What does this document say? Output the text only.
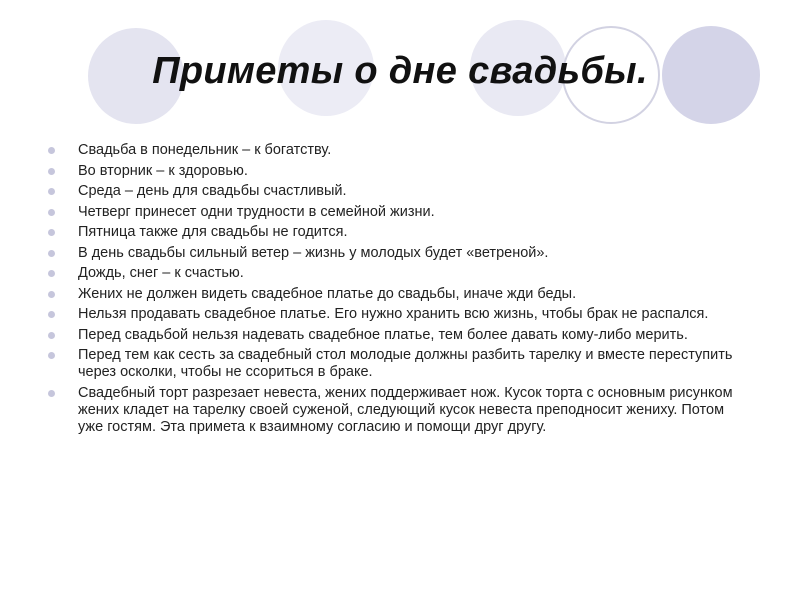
Приметы о дне свадьбы.
Свадьба в понедельник – к богатству.
Во вторник – к здоровью.
Среда – день для свадьбы счастливый.
Четверг принесет одни трудности в семейной жизни.
Пятница также для свадьбы не годится.
В день свадьбы сильный ветер – жизнь у молодых будет «ветреной».
Дождь, снег – к счастью.
Жених не должен видеть свадебное платье до свадьбы, иначе жди беды.
Нельзя продавать свадебное платье. Его нужно хранить всю жизнь, чтобы брак не распался.
Перед свадьбой нельзя надевать свадебное платье, тем более давать кому-либо мерить.
Перед тем как сесть за свадебный стол молодые должны разбить тарелку и вместе переступить через осколки, чтобы не ссориться в браке.
Свадебный торт разрезает невеста, жених поддерживает нож. Кусок торта с основным рисунком жених кладет на тарелку своей суженой, следующий кусок невеста преподносит жениху. Потом уже гостям. Эта примета к взаимному согласию и помощи друг другу.
